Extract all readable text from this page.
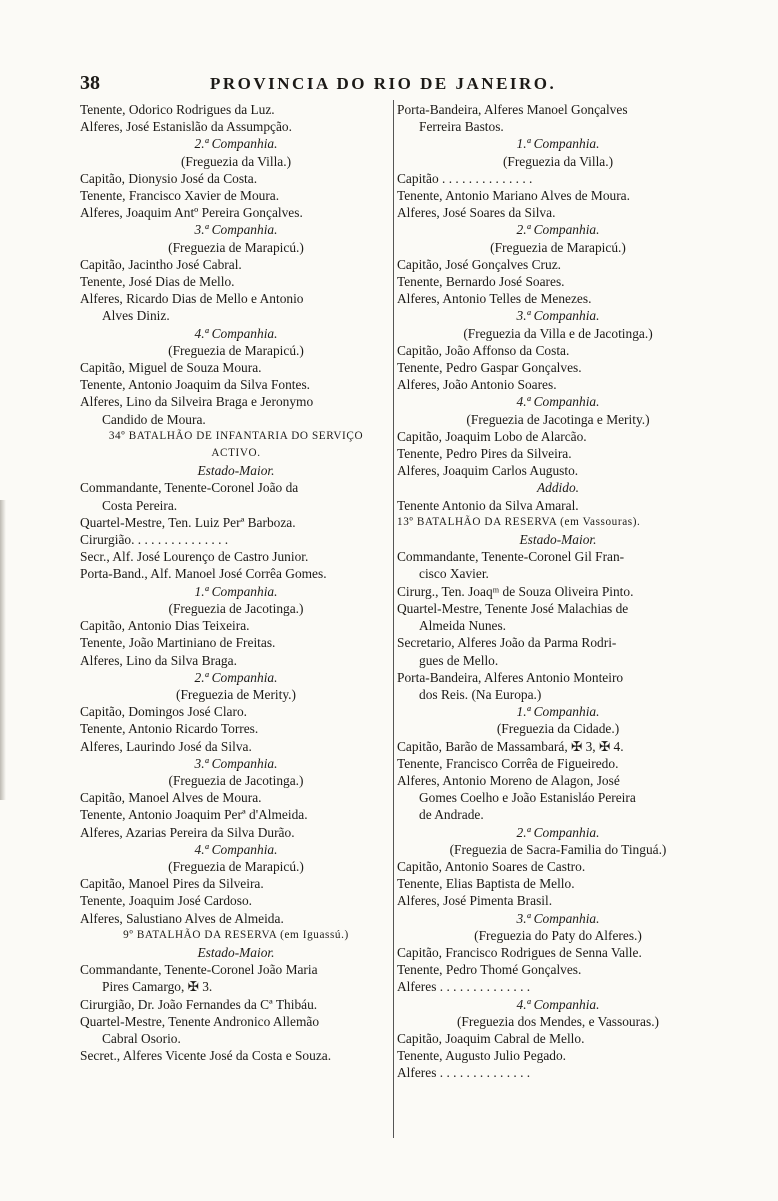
38	PROVINCIA DO RIO DE JANEIRO.
Tenente, Odorico Rodrigues da Luz.
Alferes, José Estanislão da Assumpção.
2.ª Companhia.
(Freguezia da Villa.)
Capitão, Dionysio José da Costa.
Tenente, Francisco Xavier de Moura.
Alferes, Joaquim Antº Pereira Gonçalves.
3.ª Companhia.
(Freguezia de Marapicú.)
Capitão, Jacintho José Cabral.
Tenente, José Dias de Mello.
Alferes, Ricardo Dias de Mello e Antonio
Alves Diniz.
4.ª Companhia.
(Freguezia de Marapicú.)
Capitão, Miguel de Souza Moura.
Tenente, Antonio Joaquim da Silva Fontes.
Alferes, Lino da Silveira Braga e Jeronymo
Candido de Moura.
34º BATALHÃO DE INFANTARIA DO SERVIÇO
ACTIVO.
Estado-Maior.
Commandante, Tenente-Coronel João da
Costa Pereira.
Quartel-Mestre, Ten. Luiz Perª Barboza.
Cirurgião. . . . . . . . . . . . . . .
Secr., Alf. José Lourenço de Castro Junior.
Porta-Band., Alf. Manoel José Corrêa Gomes.
1.ª Companhia.
(Freguezia de Jacotinga.)
Capitão, Antonio Dias Teixeira.
Tenente, João Martiniano de Freitas.
Alferes, Lino da Silva Braga.
2.ª Companhia.
(Freguezia de Merity.)
Capitão, Domingos José Claro.
Tenente, Antonio Ricardo Torres.
Alferes, Laurindo José da Silva.
3.ª Companhia.
(Freguezia de Jacotinga.)
Capitão, Manoel Alves de Moura.
Tenente, Antonio Joaquim Perª d'Almeida.
Alferes, Azarias Pereira da Silva Durão.
4.ª Companhia.
(Freguezia de Marapicú.)
Capitão, Manoel Pires da Silveira.
Tenente, Joaquim José Cardoso.
Alferes, Salustiano Alves de Almeida.
9º BATALHÃO DA RESERVA (em Iguassú.)
Estado-Maior.
Commandante, Tenente-Coronel João Maria
Pires Camargo, ✠ 3.
Cirurgião, Dr. João Fernandes da Cª Thibáu.
Quartel-Mestre, Tenente Andronico Allemão
Cabral Osorio.
Secret., Alferes Vicente José da Costa e Souza.
Porta-Bandeira, Alferes Manoel Gonçalves
Ferreira Bastos.
1.ª Companhia.
(Freguezia da Villa.)
Capitão . . . . . . . . . . . . . .
Tenente, Antonio Mariano Alves de Moura.
Alferes, José Soares da Silva.
2.ª Companhia.
(Freguezia de Marapicú.)
Capitão, José Gonçalves Cruz.
Tenente, Bernardo José Soares.
Alferes, Antonio Telles de Menezes.
3.ª Companhia.
(Freguezia da Villa e de Jacotinga.)
Capitão, João Affonso da Costa.
Tenente, Pedro Gaspar Gonçalves.
Alferes, João Antonio Soares.
4.ª Companhia.
(Freguezia de Jacotinga e Merity.)
Capitão, Joaquim Lobo de Alarcão.
Tenente, Pedro Pires da Silveira.
Alferes, Joaquim Carlos Augusto.
Addido.
Tenente Antonio da Silva Amaral.
13º BATALHÃO DA RESERVA (em Vassouras).
Estado-Maior.
Commandante, Tenente-Coronel Gil Fran-
cisco Xavier.
Cirurg., Ten. Joaqᵐ de Souza Oliveira Pinto.
Quartel-Mestre, Tenente José Malachias de
Almeida Nunes.
Secretario, Alferes João da Parma Rodri-
gues de Mello.
Porta-Bandeira, Alferes Antonio Monteiro
dos Reis. (Na Europa.)
1.ª Companhia.
(Freguezia da Cidade.)
Capitão, Barão de Massambará, ✠ 3, ✠ 4.
Tenente, Francisco Corrêa de Figueiredo.
Alferes, Antonio Moreno de Alagon, José
Gomes Coelho e João Estanisláo Pereira
de Andrade.
2.ª Companhia.
(Freguezia de Sacra-Familia do Tinguá.)
Capitão, Antonio Soares de Castro.
Tenente, Elias Baptista de Mello.
Alferes, José Pimenta Brasil.
3.ª Companhia.
(Freguezia do Paty do Alferes.)
Capitão, Francisco Rodrigues de Senna Valle.
Tenente, Pedro Thomé Gonçalves.
Alferes . . . . . . . . . . . . . .
4.ª Companhia.
(Freguezia dos Mendes, e Vassouras.)
Capitão, Joaquim Cabral de Mello.
Tenente, Augusto Julio Pegado.
Alferes . . . . . . . . . . . . . .
